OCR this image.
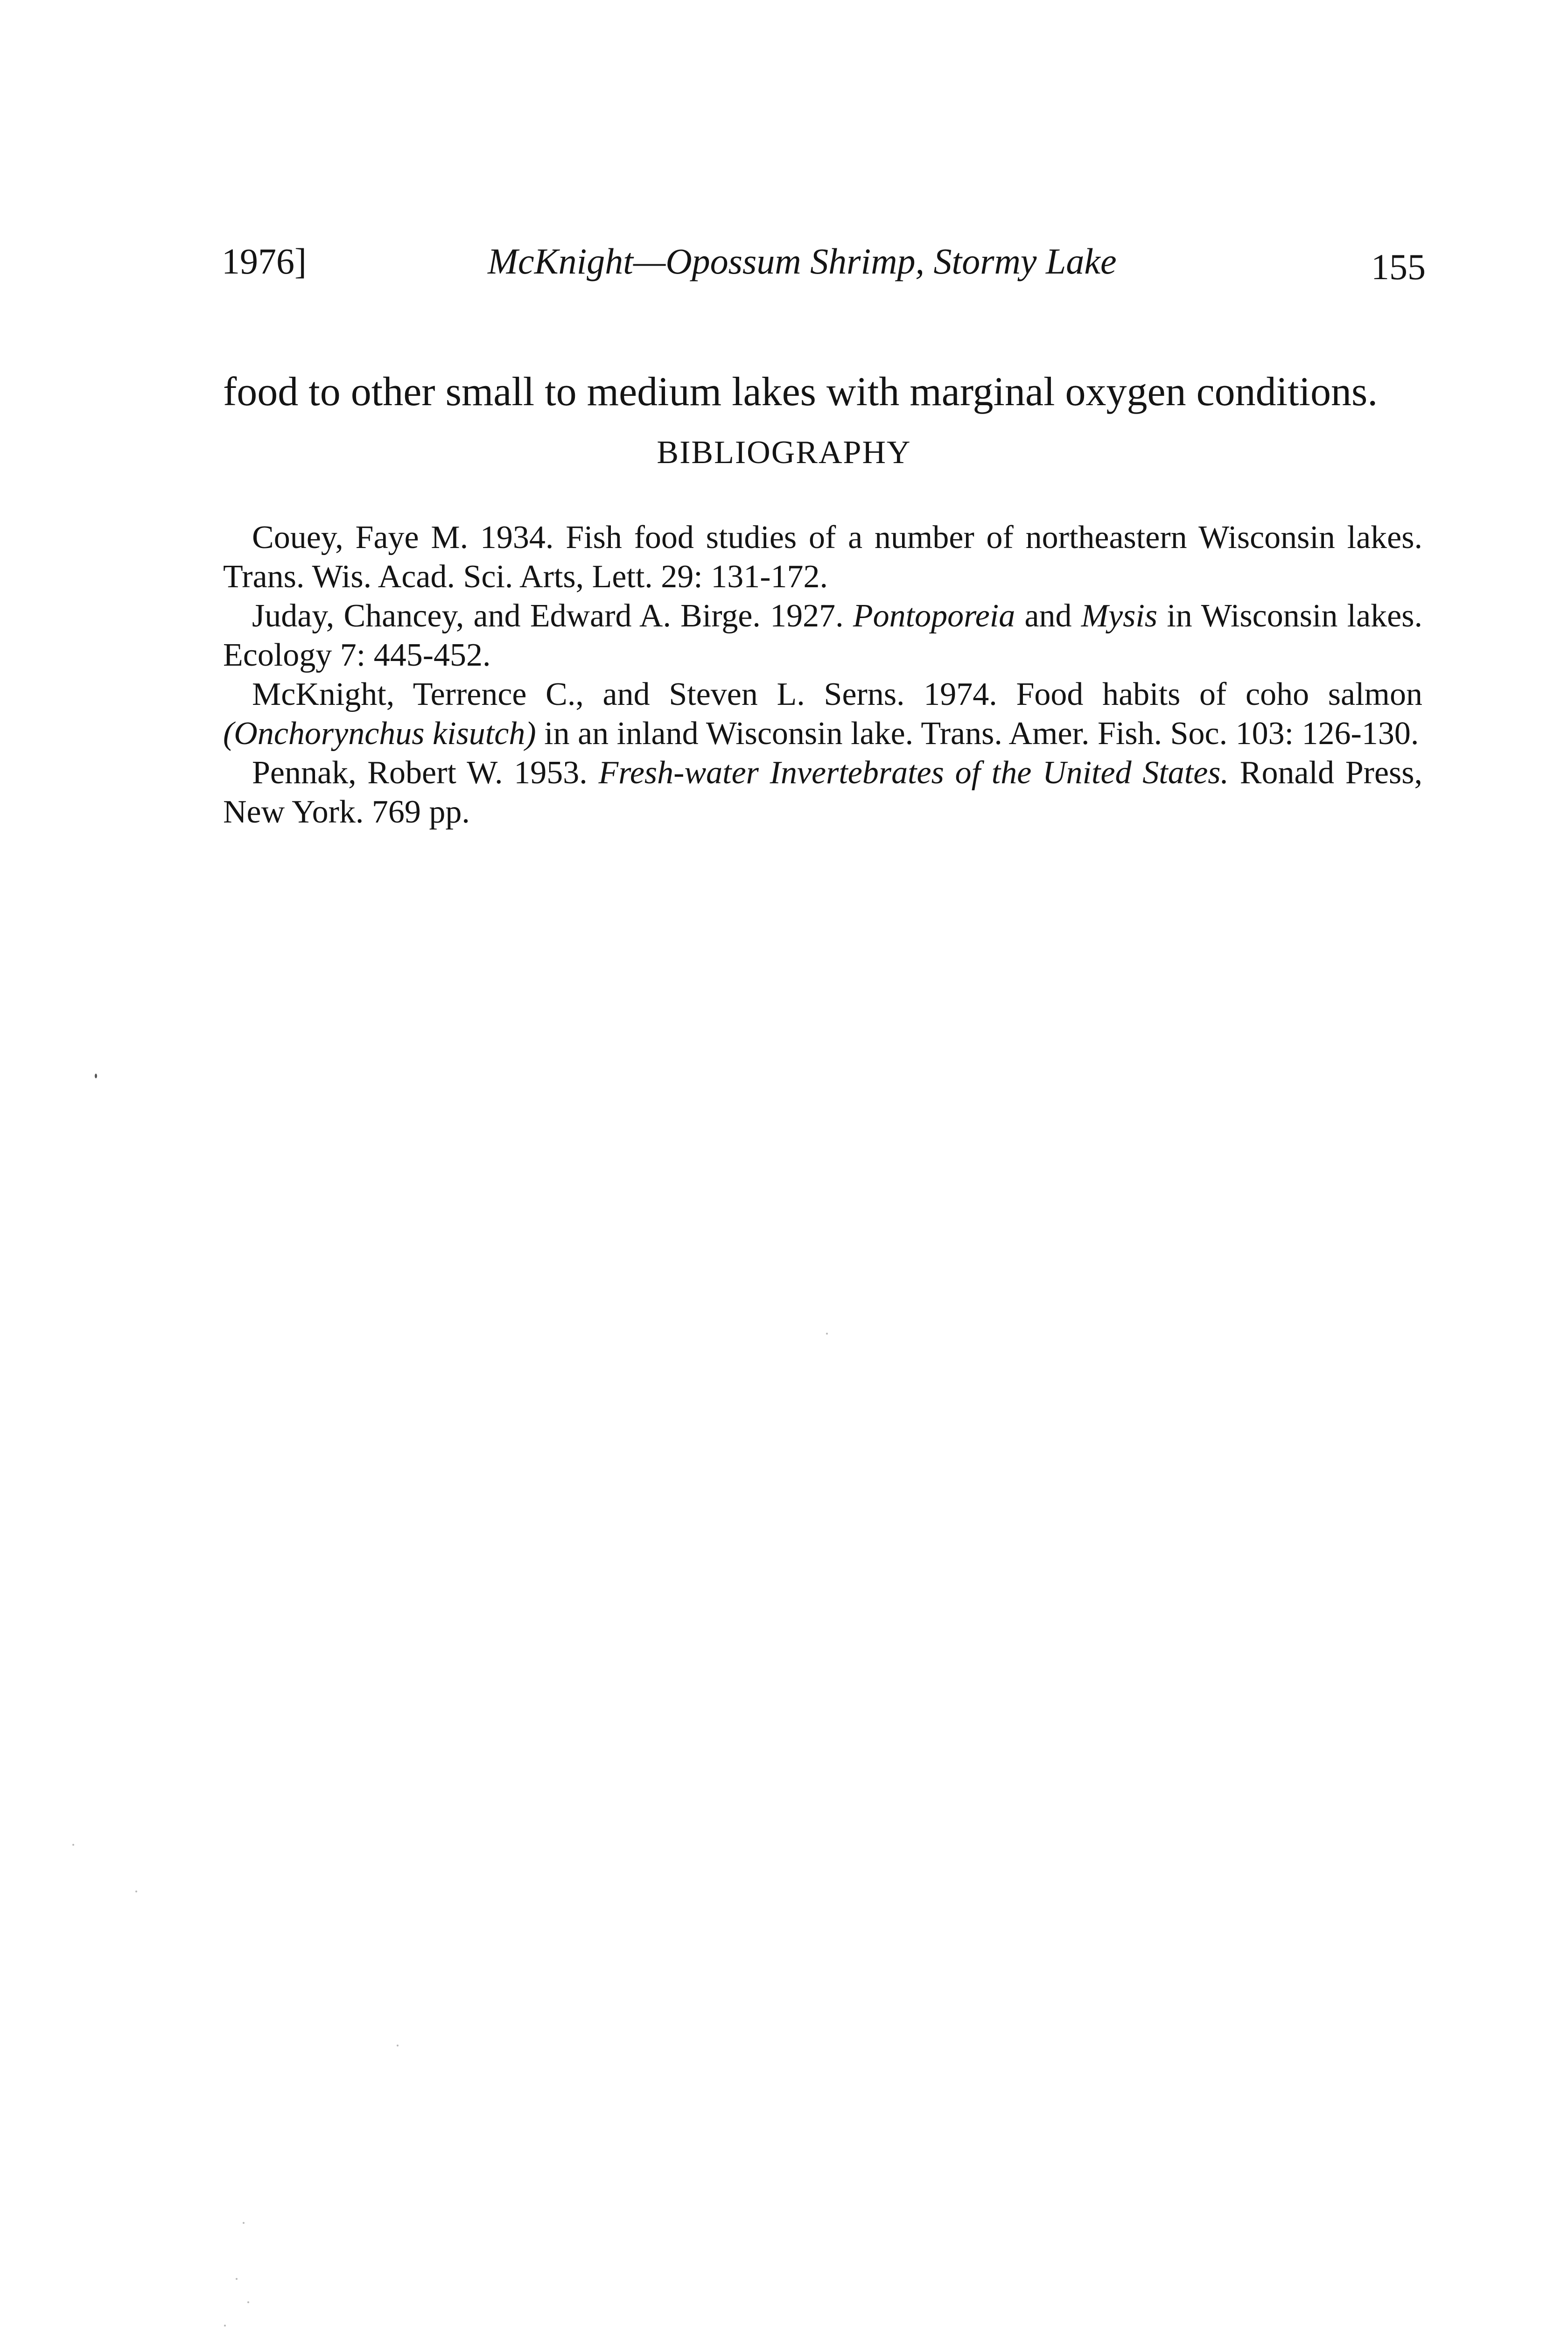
1976]	McKnight—Opossum Shrimp, Stormy Lake	155

food to other small to medium lakes with marginal oxygen conditions.

BIBLIOGRAPHY

Couey, Faye M. 1934. Fish food studies of a number of northeastern Wisconsin lakes. Trans. Wis. Acad. Sci. Arts, Lett. 29: 131-172.

Juday, Chancey, and Edward A. Birge. 1927. Pontoporeia and Mysis in Wisconsin lakes. Ecology 7: 445-452.

McKnight, Terrence C., and Steven L. Serns. 1974. Food habits of coho salmon (Onchorynchus kisutch) in an inland Wisconsin lake. Trans. Amer. Fish. Soc. 103: 126-130.

Pennak, Robert W. 1953. Fresh-water Invertebrates of the United States. Ronald Press, New York. 769 pp.
